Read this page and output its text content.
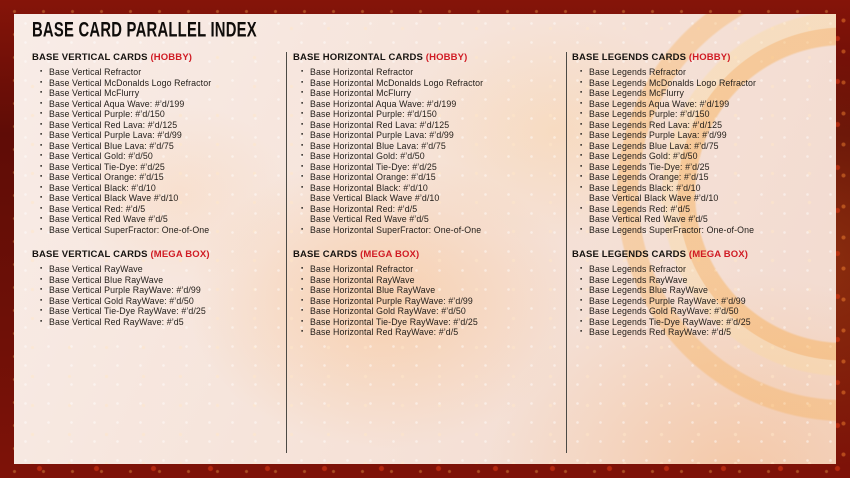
BASE CARD PARALLEL INDEX
BASE VERTICAL CARDS (HOBBY)
▪ Base Vertical Refractor
▪ Base Vertical McDonalds Logo Refractor
▪ Base Vertical McFlurry
▪ Base Vertical Aqua Wave: #’d/199
▪ Base Vertical Purple: #’d/150
▪ Base Vertical Red Lava: #’d/125
▪ Base Vertical Purple Lava: #’d/99
▪ Base Vertical Blue Lava: #’d/75
▪ Base Vertical Gold: #’d/50
▪ Base Vertical Tie-Dye: #’d/25
▪ Base Vertical Orange: #’d/15
▪ Base Vertical Black: #’d/10
▪ Base Vertical Black Wave #’d/10
▪ Base Vertical Red: #’d/5
▪ Base Vertical Red Wave #’d/5
▪ Base Vertical SuperFractor: One-of-One
BASE VERTICAL CARDS (MEGA BOX)
▪ Base Vertical RayWave
▪ Base Vertical Blue RayWave
▪ Base Vertical Purple RayWave: #’d/99
▪ Base Vertical Gold RayWave: #’d/50
▪ Base Vertical Tie-Dye RayWave: #’d/25
▪ Base Vertical Red RayWave: #’d5
BASE HORIZONTAL CARDS (HOBBY)
▪ Base Horizontal Refractor
▪ Base Horizontal McDonalds Logo Refractor
▪ Base Horizontal McFlurry
▪ Base Horizontal Aqua Wave: #’d/199
▪ Base Horizontal Purple: #’d/150
▪ Base Horizontal Red Lava: #’d/125
▪ Base Horizontal Purple Lava: #’d/99
▪ Base Horizontal Blue Lava: #’d/75
▪ Base Horizontal Gold: #’d/50
▪ Base Horizontal Tie-Dye: #’d/25
▪ Base Horizontal Orange: #’d/15
▪ Base Horizontal Black: #’d/10
Base Vertical Black Wave #’d/10
▪ Base Horizontal Red: #’d/5
Base Vertical Red Wave #’d/5
▪ Base Horizontal SuperFractor: One-of-One
BASE CARDS (MEGA BOX)
▪ Base Horizontal Refractor
▪ Base Horizontal RayWave
▪ Base Horizontal Blue RayWave
▪ Base Horizontal Purple RayWave: #’d/99
▪ Base Horizontal Gold RayWave: #’d/50
▪ Base Horizontal Tie-Dye RayWave: #’d/25
▪ Base Horizontal Red RayWave: #’d/5
BASE LEGENDS CARDS (HOBBY)
▪ Base Legends Refractor
▪ Base Legends McDonalds Logo Refractor
▪ Base Legends McFlurry
▪ Base Legends Aqua Wave: #’d/199
▪ Base Legends Purple: #’d/150
▪ Base Legends Red Lava: #’d/125
▪ Base Legends Purple Lava: #’d/99
▪ Base Legends Blue Lava: #’d/75
▪ Base Legends Gold: #’d/50
▪ Base Legends Tie-Dye: #’d/25
▪ Base Legends Orange: #’d/15
▪ Base Legends Black: #’d/10
Base Vertical Black Wave #’d/10
▪ Base Legends Red: #’d/5
Base Vertical Red Wave #’d/5
▪ Base Legends SuperFractor: One-of-One
BASE LEGENDS CARDS (MEGA BOX)
▪ Base Legends Refractor
▪ Base Legends RayWave
▪ Base Legends Blue RayWave
▪ Base Legends Purple RayWave: #’d/99
▪ Base Legends Gold RayWave: #’d/50
▪ Base Legends Tie-Dye RayWave: #’d/25
▪ Base Legends Red RayWave: #’d/5
